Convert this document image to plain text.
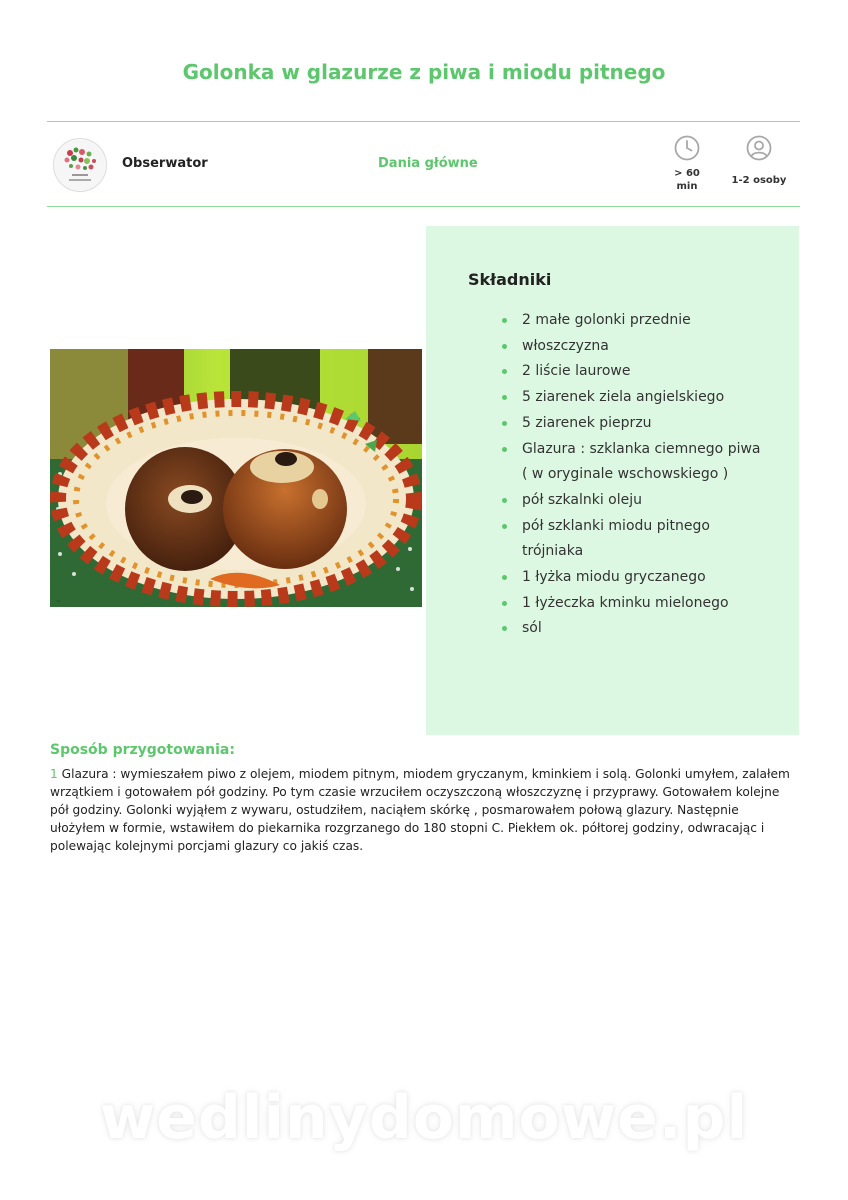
Golonka w glazurze z piwa i miodu pitnego
Obserwator	Dania główne
> 60
min
1-2 osoby
~
Składniki
2 małe golonki przednie
włoszczyzna
2 liście laurowe
5 ziarenek ziela angielskiego
5 ziarenek pieprzu
Glazura : szklanka ciemnego piwa ( w oryginale wschowskiego )
pół szkalnki oleju
pół szklanki miodu pitnego trójniaka
1 łyżka miodu gryczanego
1 łyżeczka kminku mielonego
sól
Sposób przygotowania:
1 Glazura : wymieszałem piwo z olejem, miodem pitnym, miodem gryczanym, kminkiem i solą. Golonki umyłem, zalałem wrzątkiem i gotowałem pół godziny. Po tym czasie wrzuciłem oczyszczoną włoszczyznę i przyprawy. Gotowałem kolejne pół godziny. Golonki wyjąłem z wywaru, ostudziłem, naciąłem skórkę , posmarowałem połową glazury. Następnie ułożyłem w formie, wstawiłem do piekarnika rozgrzanego do 180 stopni C. Piekłem ok. półtorej godziny, odwracając i polewając kolejnymi porcjami glazury co jakiś czas.
wedlinydomowe.pl
